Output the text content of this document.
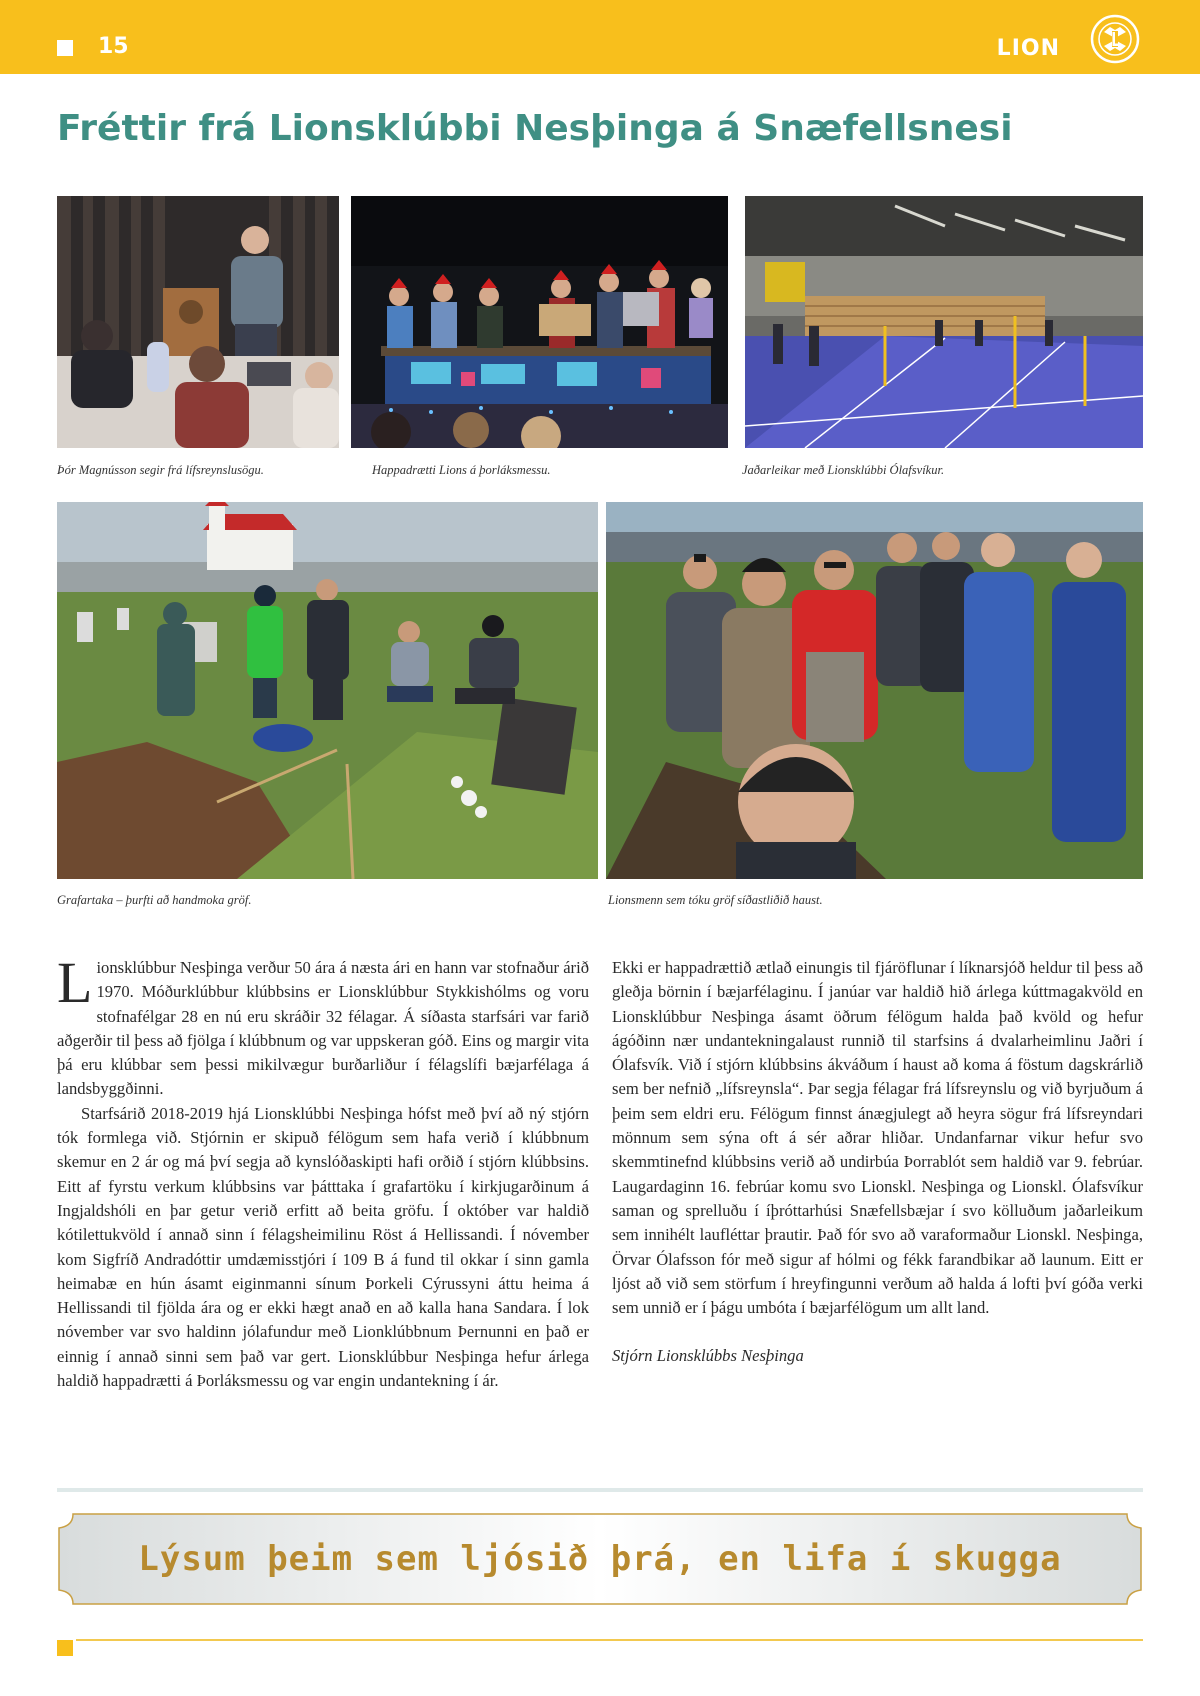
15	LION
Fréttir frá Lionsklúbbi Nesþinga á Snæfellsnesi
Þór Magnússon segir frá lífsreynslusögu.	Happadrætti Lions á þorláksmessu.	Jaðarleikar með Lionsklúbbi Ólafsvíkur.
Grafartaka – þurfti að handmoka gröf.	Lionsmenn sem tóku gröf síðastliðið haust.

L ionsklúbbur Nesþinga verður 50 ára á næsta ári en hann var stofnaður árið 1970. Móðurklúbbur klúbbsins er Lionsklúbbur Stykkishólms og voru stofnafélgar 28 en nú eru skráðir 32 félagar. Á síðasta starfsári var farið aðgerðir til þess að fjölga í klúbbnum og var uppskeran góð. Eins og margir vita þá eru klúbbar sem þessi mikilvægur burðarliður í félagslífi bæjarfélaga á landsbyggðinni.

Starfsárið 2018-2019 hjá Lionsklúbbi Nesþinga hófst með því að ný stjórn tók formlega við. Stjórnin er skipuð félögum sem hafa verið í klúbbnum skemur en 2 ár og má því segja að kynslóðaskipti hafi orðið í stjórn klúbbsins. Eitt af fyrstu verkum klúbbsins var þátttaka í grafartöku í kirkjugarðinum á Ingjaldshóli en þar getur verið erfitt að beita gröfu. Í október var haldið kótilettukvöld í annað sinn í félagsheimilinu Röst á Hellissandi. Í nóvember kom Sigfríð Andradóttir umdæmisstjóri í 109 B á fund til okkar í sinn gamla heimabæ en hún ásamt eiginmanni sínum Þorkeli Cýrussyni áttu heima á Hellissandi til fjölda ára og er ekki hægt anað en að kalla hana Sandara. Í lok nóvember var svo haldinn jólafundur með Lionklúbbnum Þernunni en það er einnig í annað sinni sem það var gert. Lionsklúbbur Nesþinga hefur árlega haldið happadrætti á Þorláksmessu og var engin undantekning í ár.

Ekki er happadrættið ætlað einungis til fjáröflunar í líknarsjóð heldur til þess að gleðja börnin í bæjarfélaginu. Í janúar var haldið hið árlega kúttmagakvöld en Lionsklúbbur Nesþinga ásamt öðrum félögum halda það kvöld og hefur ágóðinn nær undantekningalaust runnið til starfsins á dvalarheimlinu Jaðri í Ólafsvík. Við í stjórn klúbbsins ákváðum í haust að koma á föstum dagskrárlið sem ber nefnið „lífsreynsla“. Þar segja félagar frá lífsreynslu og við byrjuðum á þeim sem eldri eru. Félögum finnst ánægjulegt að heyra sögur frá lífsreyndari mönnum sem sýna oft á sér aðrar hliðar. Undanfarnar vikur hefur svo skemmtinefnd klúbbsins verið að undirbúa Þorrablót sem haldið var 9. febrúar. Laugardaginn 16. febrúar komu svo Lionskl. Nesþinga og Lionskl. Ólafsvíkur saman og sprelluðu í íþróttarhúsi Snæfellsbæjar í svo kölluðum jaðarleikum sem innihélt laufléttar þrautir. Það fór svo að varaformaður Lionskl. Nesþinga, Örvar Ólafsson fór með sigur af hólmi og fékk farandbikar að launum. Eitt er ljóst að við sem störfum í hreyfingunni verðum að halda á lofti því góða verki sem unnið er í þágu umbóta í bæjarfélögum um allt land.

Stjórn Lionsklúbbs Nesþinga

Lýsum þeim sem ljósið þrá, en lifa í skugga
